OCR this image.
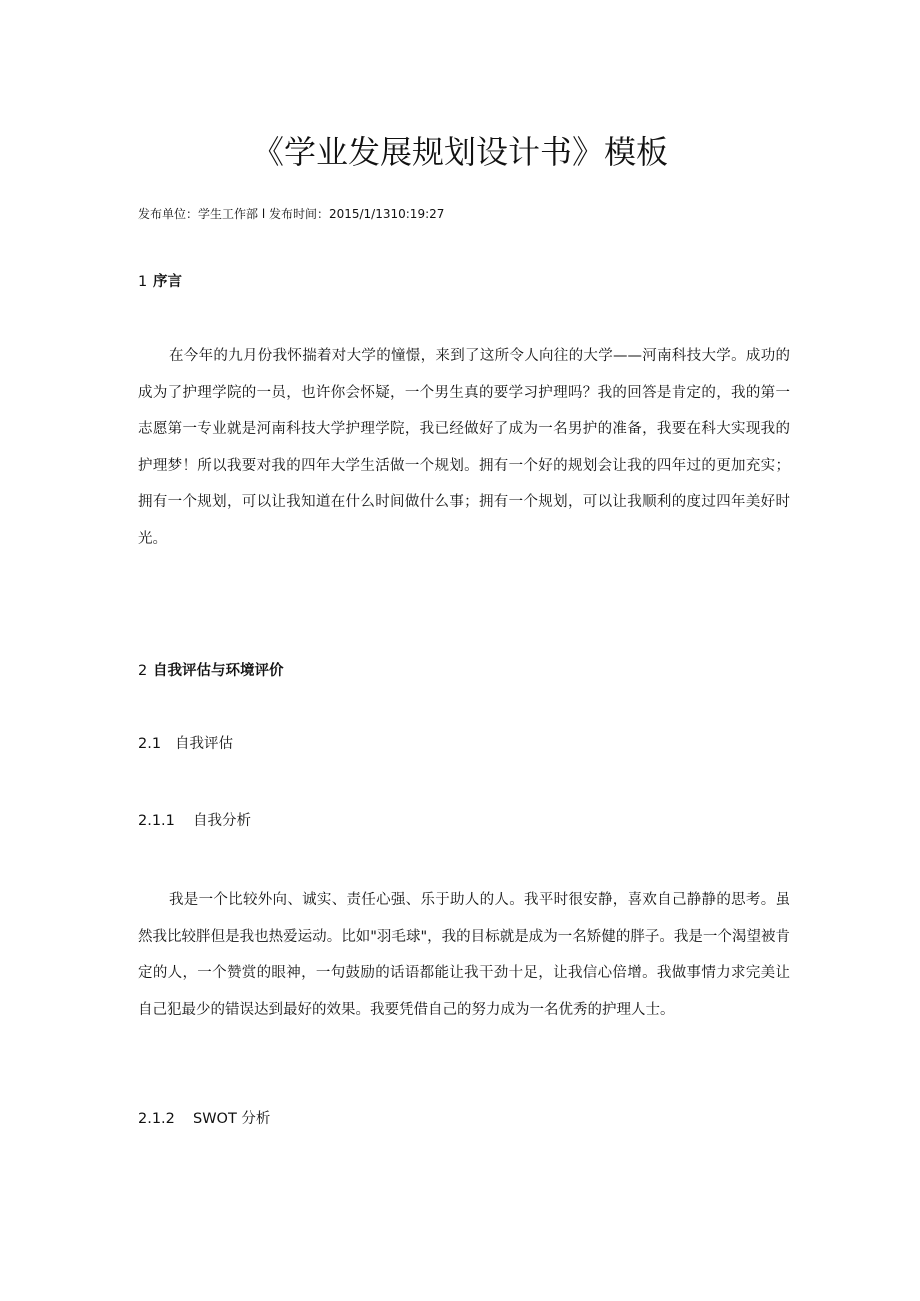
《学业发展规划设计书》模板

发布单位：学生工作部 l 发布时间：2015/1/1310:19:27

1 序言

在今年的九月份我怀揣着对大学的憧憬，来到了这所令人向往的大学——河南科技大学。成功的成为了护理学院的一员，也许你会怀疑，一个男生真的要学习护理吗？我的回答是肯定的，我的第一志愿第一专业就是河南科技大学护理学院，我已经做好了成为一名男护的准备，我要在科大实现我的护理梦！所以我要对我的四年大学生活做一个规划。拥有一个好的规划会让我的四年过的更加充实；拥有一个规划，可以让我知道在什么时间做什么事；拥有一个规划，可以让我顺利的度过四年美好时光。

2 自我评估与环境评价

2.1 自我评估

2.1.1 自我分析

我是一个比较外向、诚实、责任心强、乐于助人的人。我平时很安静，喜欢自己静静的思考。虽然我比较胖但是我也热爱运动。比如"羽毛球"，我的目标就是成为一名矫健的胖子。我是一个渴望被肯定的人，一个赞赏的眼神，一句鼓励的话语都能让我干劲十足，让我信心倍增。我做事情力求完美让自己犯最少的错误达到最好的效果。我要凭借自己的努力成为一名优秀的护理人士。

2.1.2 SWOT 分析
